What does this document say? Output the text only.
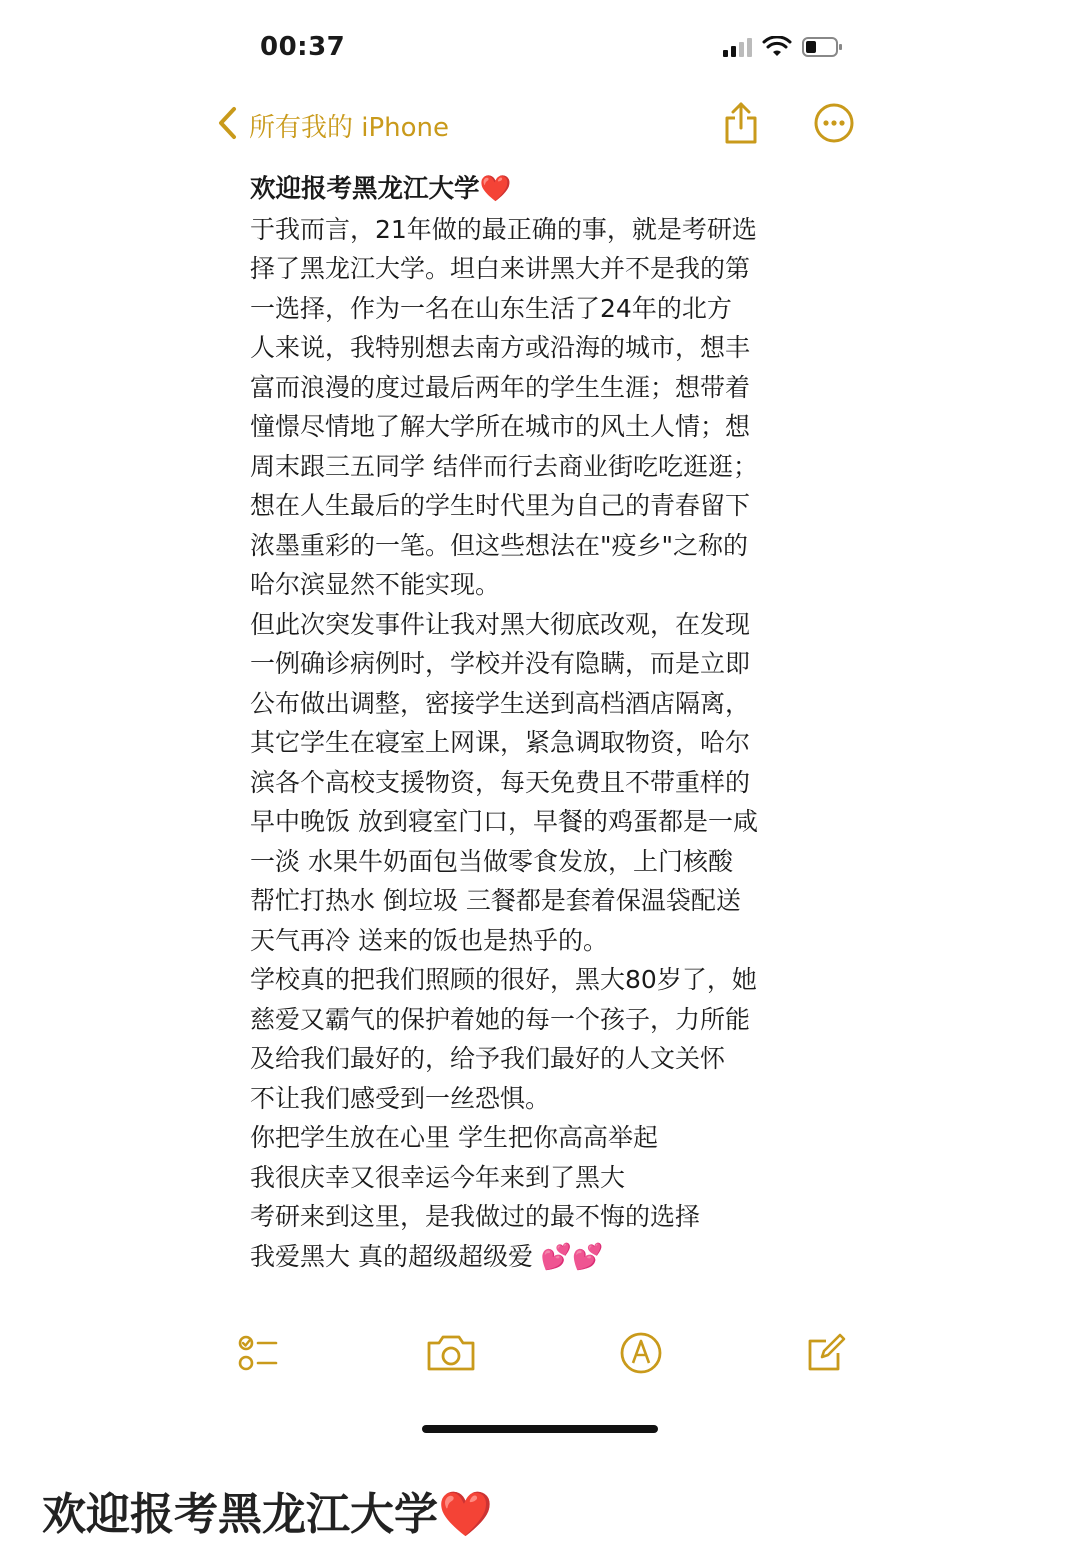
00:37
所有我的 iPhone
欢迎报考黑龙江大学❤️
于我而言，21年做的最正确的事，就是考研选
择了黑龙江大学。坦白来讲黑大并不是我的第
一选择，作为一名在山东生活了24年的北方
人来说，我特别想去南方或沿海的城市，想丰
富而浪漫的度过最后两年的学生生涯；想带着
憧憬尽情地了解大学所在城市的风土人情；想
周末跟三五同学 结伴而行去商业街吃吃逛逛；
想在人生最后的学生时代里为自己的青春留下
浓墨重彩的一笔。但这些想法在"疫乡"之称的
哈尔滨显然不能实现。
但此次突发事件让我对黑大彻底改观，在发现
一例确诊病例时，学校并没有隐瞒，而是立即
公布做出调整，密接学生送到高档酒店隔离，
其它学生在寝室上网课，紧急调取物资，哈尔
滨各个高校支援物资，每天免费且不带重样的
早中晚饭 放到寝室门口，早餐的鸡蛋都是一咸
一淡 水果牛奶面包当做零食发放，上门核酸
帮忙打热水 倒垃圾 三餐都是套着保温袋配送
天气再冷 送来的饭也是热乎的。
学校真的把我们照顾的很好，黑大80岁了，她
慈爱又霸气的保护着她的每一个孩子，力所能
及给我们最好的，给予我们最好的人文关怀
不让我们感受到一丝恐惧。
你把学生放在心里 学生把你高高举起
我很庆幸又很幸运今年来到了黑大
考研来到这里，是我做过的最不悔的选择
我爱黑大 真的超级超级爱 💕💕
欢迎报考黑龙江大学❤️
